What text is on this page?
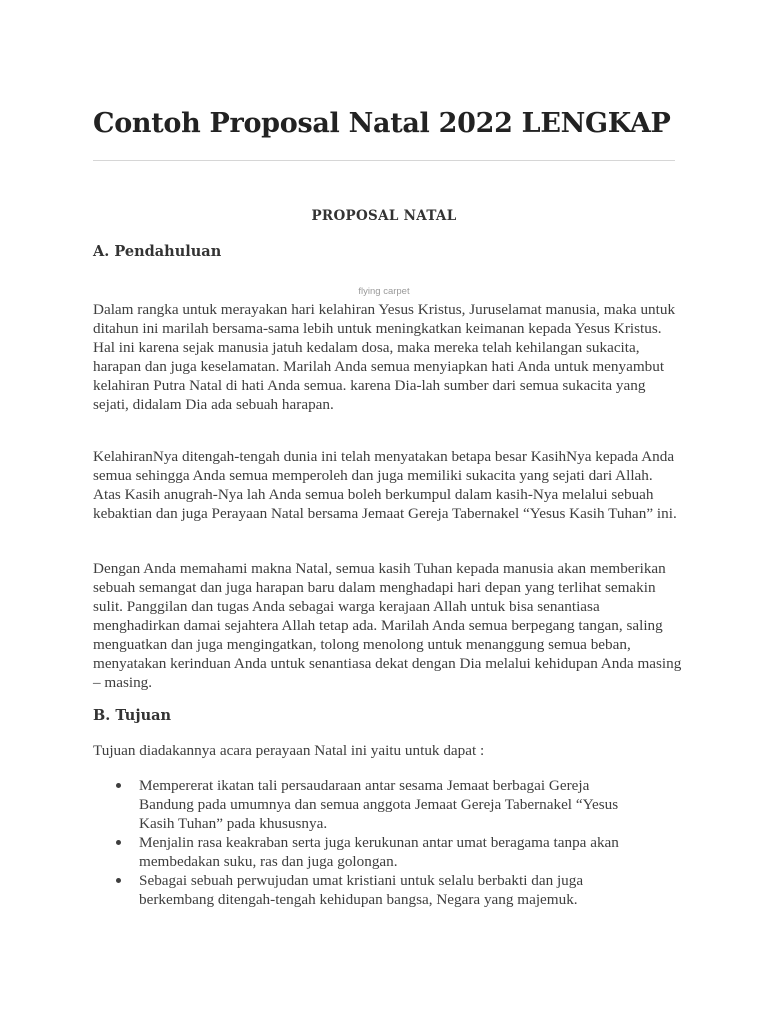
Contoh Proposal Natal 2022 LENGKAP
PROPOSAL NATAL
A. Pendahuluan
flying carpet

Dalam rangka untuk merayakan hari kelahiran Yesus Kristus, Juruselamat manusia, maka untuk ditahun ini marilah bersama-sama lebih untuk meningkatkan keimanan kepada Yesus Kristus. Hal ini karena sejak manusia jatuh kedalam dosa, maka mereka telah kehilangan sukacita, harapan dan juga keselamatan. Marilah Anda semua menyiapkan hati Anda untuk menyambut kelahiran Putra Natal di hati Anda semua. karena Dia-lah sumber dari semua sukacita yang sejati, didalam Dia ada sebuah harapan.

KelahiranNya ditengah-tengah dunia ini telah menyatakan betapa besar KasihNya kepada Anda semua sehingga Anda semua memperoleh dan juga memiliki sukacita yang sejati dari Allah. Atas Kasih anugrah-Nya lah Anda semua boleh berkumpul dalam kasih-Nya melalui sebuah kebaktian dan juga Perayaan Natal bersama Jemaat Gereja Tabernakel “Yesus Kasih Tuhan” ini.

Dengan Anda memahami makna Natal, semua kasih Tuhan kepada manusia akan memberikan sebuah semangat dan juga harapan baru dalam menghadapi hari depan yang terlihat semakin sulit. Panggilan dan tugas Anda sebagai warga kerajaan Allah untuk bisa senantiasa menghadirkan damai sejahtera Allah tetap ada. Marilah Anda semua berpegang tangan, saling menguatkan dan juga mengingatkan, tolong menolong untuk menanggung semua beban, menyatakan kerinduan Anda untuk senantiasa dekat dengan Dia melalui kehidupan Anda masing – masing.

B. Tujuan

Tujuan diadakannya acara perayaan Natal ini yaitu untuk dapat :

Mempererat ikatan tali persaudaraan antar sesama Jemaat berbagai Gereja Bandung pada umumnya dan semua anggota Jemaat Gereja Tabernakel “Yesus Kasih Tuhan” pada khususnya.
Menjalin rasa keakraban serta juga kerukunan antar umat beragama tanpa akan membedakan suku, ras dan juga golongan.
Sebagai sebuah perwujudan umat kristiani untuk selalu berbakti dan juga berkembang ditengah-tengah kehidupan bangsa, Negara yang majemuk.
